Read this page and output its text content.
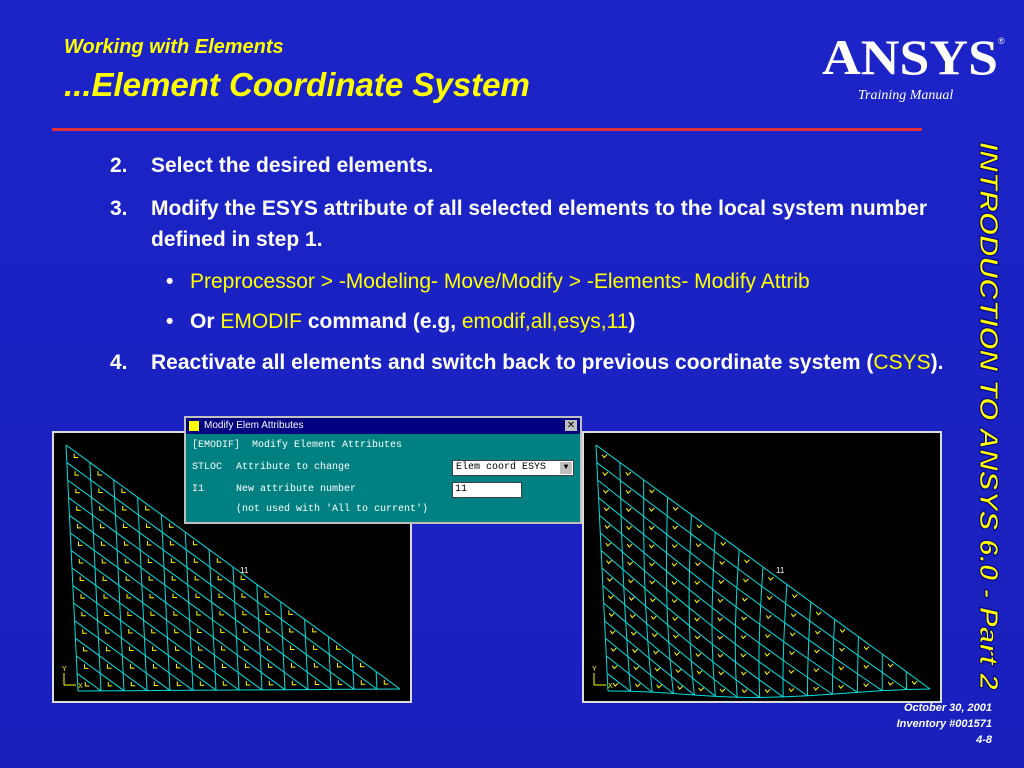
Working with Elements
...Element Coordinate System	ANSYS ®
Training Manual
INTRODUCTION TO ANSYS 6.0 - Part 2
2. Select the desired elements.
3. Modify the ESYS attribute of all selected elements to the local system number defined in step 1.
• Preprocessor > -Modeling- Move/Modify > -Elements- Modify Attrib
• Or EMODIF command (e.g, emodif,all,esys,11)
4. Reactivate all elements and switch back to previous coordinate system (CSYS).
11
Y
X
11
Y
X
Modify Elem Attributes	✕
[EMODIF]  Modify Element Attributes
STLOC Attribute to change	Elem coord ESYS	▼
I1	New attribute number	11
(not used with 'All to current')
October 30, 2001
Inventory #001571
4-8
